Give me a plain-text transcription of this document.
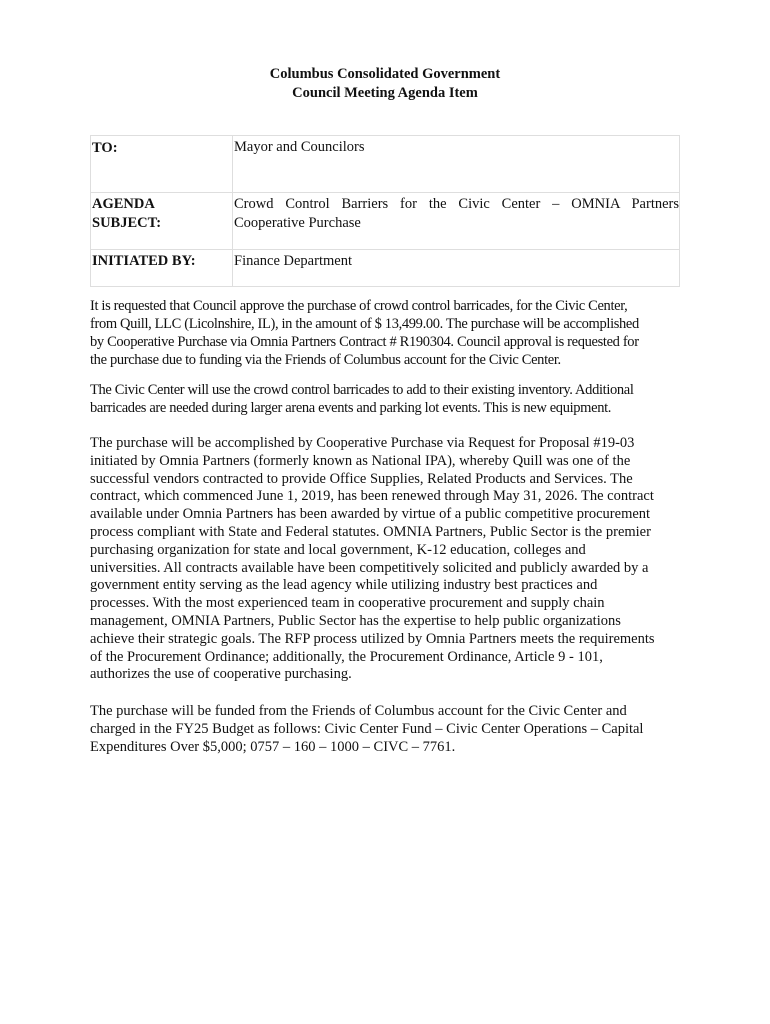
Columbus Consolidated Government
Council Meeting Agenda Item
TO:	Mayor and Councilors
AGENDA SUBJECT:	Crowd Control Barriers for the Civic Center – OMNIA Partners Cooperative Purchase
INITIATED BY:	Finance Department
It is requested that Council approve the purchase of crowd control barricades, for the Civic Center,
from Quill, LLC (Licolnshire, IL), in the amount of $ 13,499.00. The purchase will be accomplished
by Cooperative Purchase via Omnia Partners Contract # R190304. Council approval is requested for
the purchase due to funding via the Friends of Columbus account for the Civic Center.
The Civic Center will use the crowd control barricades to add to their existing inventory. Additional
barricades are needed during larger arena events and parking lot events. This is new equipment.
The purchase will be accomplished by Cooperative Purchase via Request for Proposal #19-03
initiated by Omnia Partners (formerly known as National IPA), whereby Quill was one of the
successful vendors contracted to provide Office Supplies, Related Products and Services. The
contract, which commenced June 1, 2019, has been renewed through May 31, 2026. The contract
available under Omnia Partners has been awarded by virtue of a public competitive procurement
process compliant with State and Federal statutes. OMNIA Partners, Public Sector is the premier
purchasing organization for state and local government, K-12 education, colleges and
universities. All contracts available have been competitively solicited and publicly awarded by a
government entity serving as the lead agency while utilizing industry best practices and
processes. With the most experienced team in cooperative procurement and supply chain
management, OMNIA Partners, Public Sector has the expertise to help public organizations
achieve their strategic goals. The RFP process utilized by Omnia Partners meets the requirements
of the Procurement Ordinance; additionally, the Procurement Ordinance, Article 9 - 101,
authorizes the use of cooperative purchasing.
The purchase will be funded from the Friends of Columbus account for the Civic Center and
charged in the FY25 Budget as follows: Civic Center Fund – Civic Center Operations – Capital
Expenditures Over $5,000; 0757 – 160 – 1000 – CIVC – 7761.
